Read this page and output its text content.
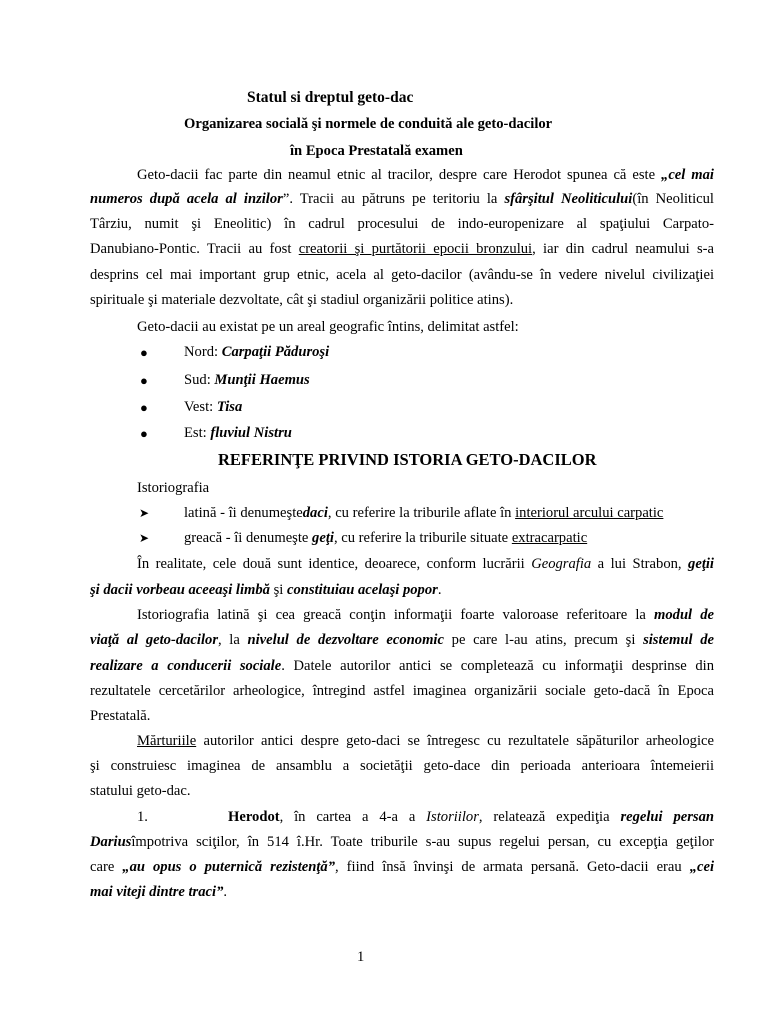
Statul si dreptul geto-dac
Organizarea socială şi normele de conduită ale geto-dacilor
în Epoca Prestatală examen
Geto-dacii fac parte din neamul etnic al tracilor, despre care Herodot spunea că este „cel mai
numeros după acela al inzilor”. Tracii au pătruns pe teritoriu la sfârşitul Neoliticului(în Neoliticul
Târziu, numit şi Eneolitic) în cadrul procesului de indo-europenizare al spaţiului Carpato-
Danubiano-Pontic. Tracii au fost creatorii şi purtătorii epocii bronzului, iar din cadrul neamului s-a
desprins cel mai important grup etnic, acela al geto-dacilor (avându-se în vedere nivelul civilizaţiei
spirituale şi materiale dezvoltate, cât şi stadiul organizării politice atins).
Geto-dacii au existat pe un areal geografic întins, delimitat astfel:
● Nord: Carpaţii Păduroşi
● Sud: Munţii Haemus
● Vest: Tisa
● Est: fluviul Nistru
REFERINŢE PRIVIND ISTORIA GETO-DACILOR
Istoriografia
➤ latină - îi denumeştedaci, cu referire la triburile aflate în interiorul arcului carpatic
➤ greacă - îi denumeşte geţi, cu referire la triburile situate extracarpatic
În realitate, cele două sunt identice, deoarece, conform lucrării Geografia a lui Strabon, geţii
şi dacii vorbeau aceeaşi limbă şi constituiau acelaşi popor.
Istoriografia latină şi cea greacă conţin informaţii foarte valoroase referitoare la modul de
viaţă al geto-dacilor, la nivelul de dezvoltare economic pe care l-au atins, precum şi sistemul de
realizare a conducerii sociale. Datele autorilor antici se completează cu informaţii desprinse din
rezultatele cercetărilor arheologice, întregind astfel imaginea organizării sociale geto-dacă în Epoca
Prestatală.
Mărturiile autorilor antici despre geto-daci se întregesc cu rezultatele săpăturilor arheologice
şi construiesc imaginea de ansamblu a societăţii geto-dace din perioada anterioara întemeierii
statului geto-dac.
1.	Herodot, în cartea a 4-a a Istoriilor, relatează expediţia regelui persan
Dariusîmpotriva sciţilor, în 514 î.Hr. Toate triburile s-au supus regelui persan, cu excepţia geţilor
care „au opus o puternică rezistenţă”, fiind însă învinşi de armata persană. Geto-dacii erau „cei
mai viteji dintre traci”.
1
